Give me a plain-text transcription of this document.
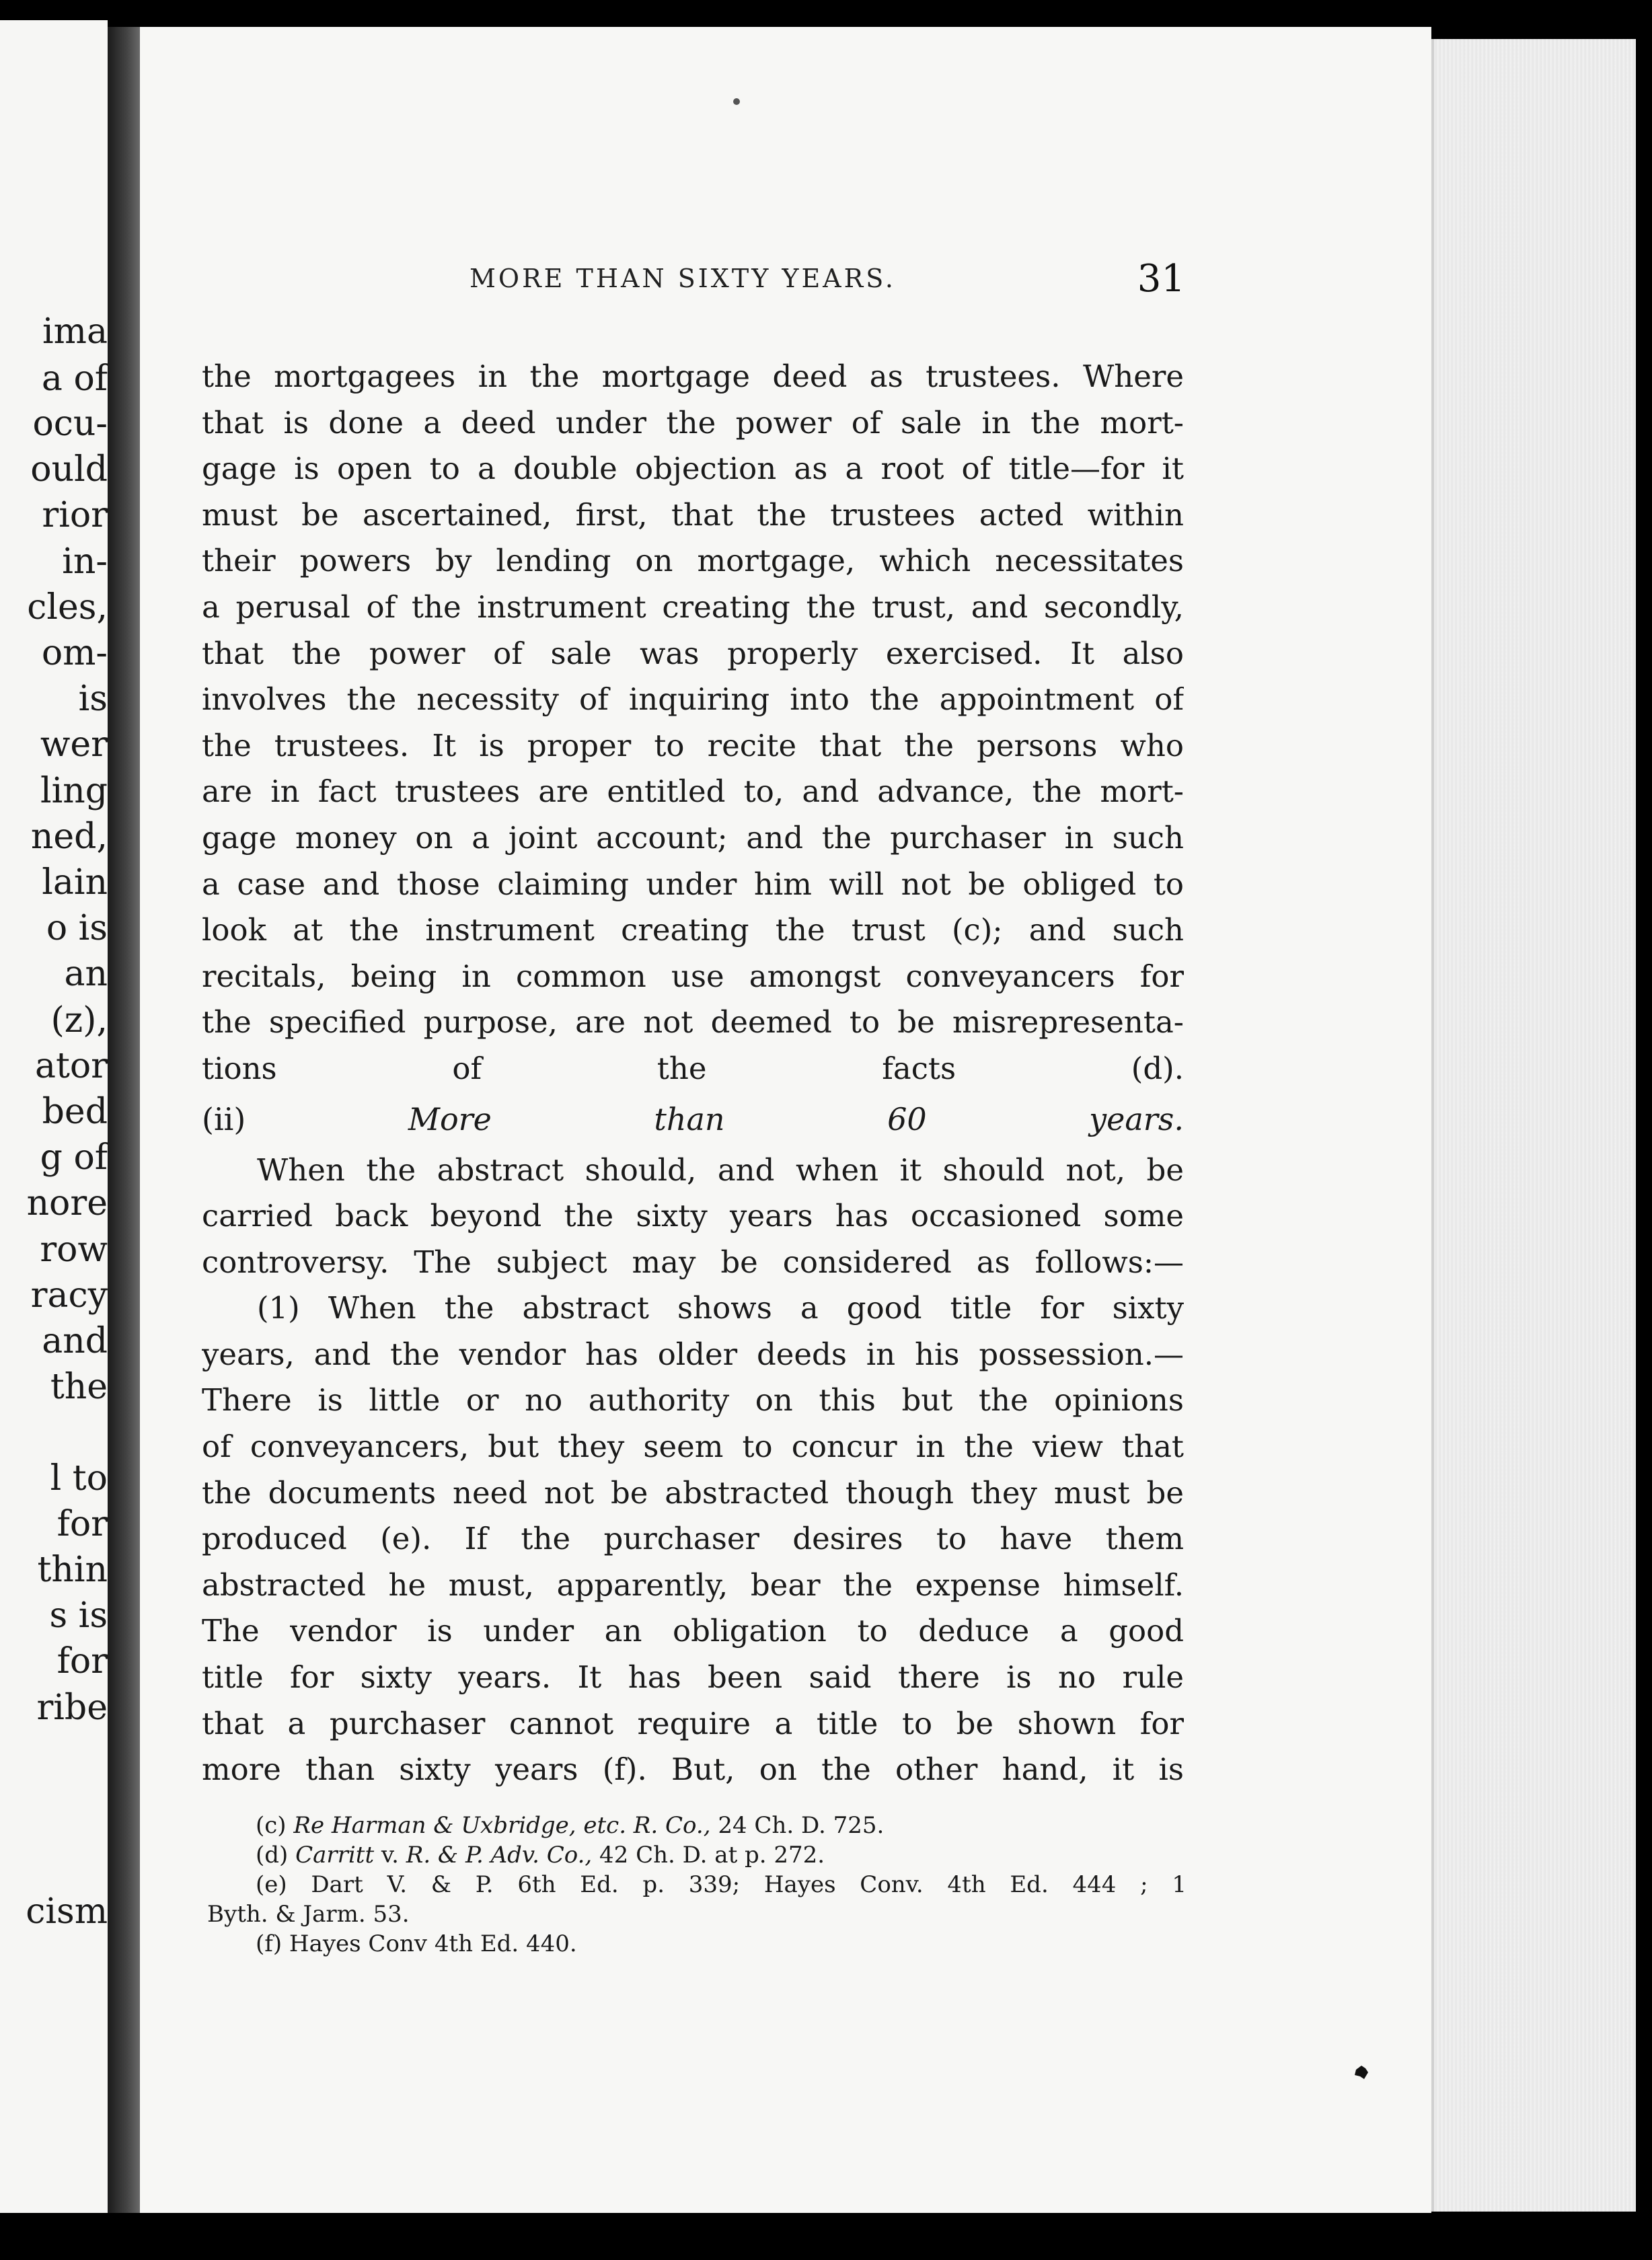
ima
a of
ocu-
ould
rior
in-
cles,
om-
is
wer
ling
ned,
lain
o is
an
(z),
ator
bed
g of
nore
row
racy
and
the
l to
for
thin
s is
for
ribe
cism
MORE THAN SIXTY YEARS.	31

the mortgagees in the mortgage deed as trustees. Where

that is done a deed under the power of sale in the mort-

gage is open to a double objection as a root of title—for it

must be ascertained, first, that the trustees acted within

their powers by lending on mortgage, which necessitates

a perusal of the instrument creating the trust, and secondly,

that the power of sale was properly exercised. It also

involves the necessity of inquiring into the appointment of

the trustees. It is proper to recite that the persons who

are in fact trustees are entitled to, and advance, the mort-

gage money on a joint account; and the purchaser in such

a case and those claiming under him will not be obliged to

look at the instrument creating the trust (c); and such

recitals, being in common use amongst conveyancers for

the specified purpose, are not deemed to be misrepresenta-

tions of the facts (d).

(ii)	More than 60 years.

When the abstract should, and when it should not, be

carried back beyond the sixty years has occasioned some

controversy. The subject may be considered as follows:—

(1) When the abstract shows a good title for sixty

years, and the vendor has older deeds in his possession.—

There is little or no authority on this but the opinions

of conveyancers, but they seem to concur in the view that

the documents need not be abstracted though they must be

produced (e). If the purchaser desires to have them

abstracted he must, apparently, bear the expense himself.

The vendor is under an obligation to deduce a good

title for sixty years. It has been said there is no rule

that a purchaser cannot require a title to be shown for

more than sixty years (f). But, on the other hand, it is

(c) Re Harman & Uxbridge, etc. R. Co., 24 Ch. D. 725.
(d) Carritt v. R. & P. Adv. Co., 42 Ch. D. at p. 272.
(e) Dart V. & P. 6th Ed. p. 339; Hayes Conv. 4th Ed. 444 ; 1
Byth. & Jarm. 53.
(f) Hayes Conv 4th Ed. 440.
